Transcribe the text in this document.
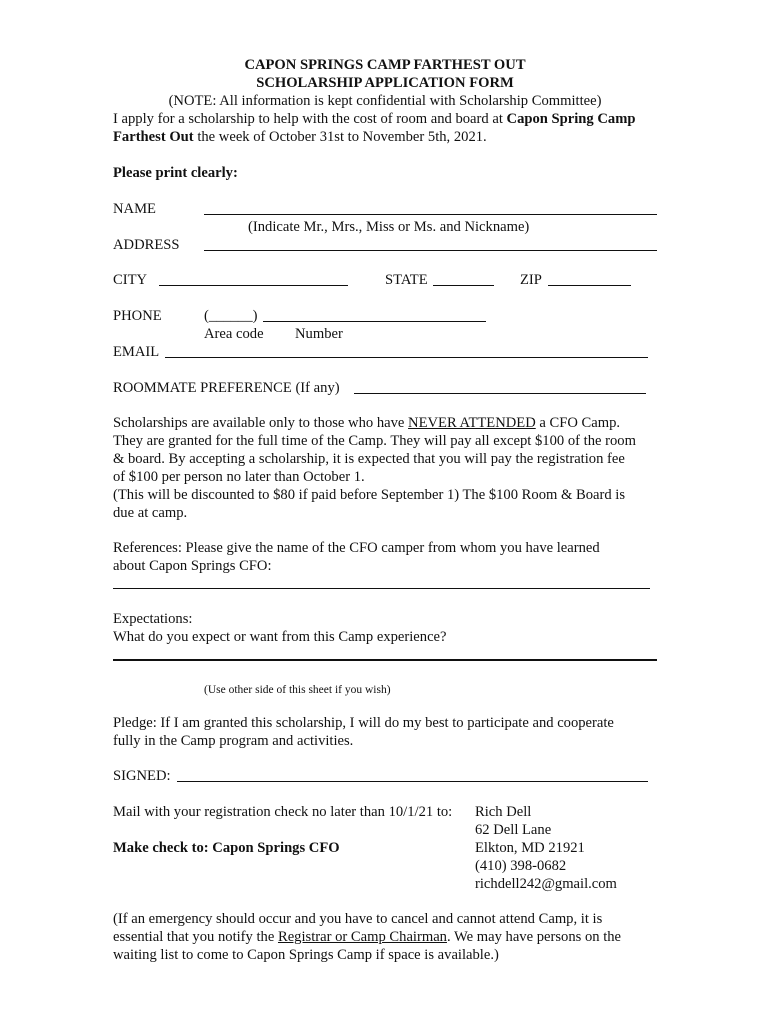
CAPON SPRINGS CAMP FARTHEST OUT
SCHOLARSHIP APPLICATION FORM
(NOTE: All information is kept confidential with Scholarship Committee)
I apply for a scholarship to help with the cost of room and board at Capon Spring Camp
Farthest Out the week of October 31st to November 5th, 2021.
Please print clearly:
NAME
(Indicate Mr., Mrs., Miss or Ms. and Nickname)
ADDRESS
CITY	STATE	ZIP
PHONE	(______)
Area code Number
EMAIL
ROOMMATE PREFERENCE (If any)
Scholarships are available only to those who have NEVER ATTENDED a CFO Camp.
They are granted for the full time of the Camp. They will pay all except $100 of the room
& board. By accepting a scholarship, it is expected that you will pay the registration fee
of $100 per person no later than October 1.
(This will be discounted to $80 if paid before September 1) The $100 Room & Board is
due at camp.
References: Please give the name of the CFO camper from whom you have learned
about Capon Springs CFO:
Expectations:
What do you expect or want from this Camp experience?
(Use other side of this sheet if you wish)
Pledge: If I am granted this scholarship, I will do my best to participate and cooperate
fully in the Camp program and activities.
SIGNED:
Mail with your registration check no later than 10/1/21 to:
Make check to: Capon Springs CFO
Rich Dell
62 Dell Lane
Elkton, MD 21921
(410) 398-0682
richdell242@gmail.com
(If an emergency should occur and you have to cancel and cannot attend Camp, it is
essential that you notify the Registrar or Camp Chairman. We may have persons on the
waiting list to come to Capon Springs Camp if space is available.)
